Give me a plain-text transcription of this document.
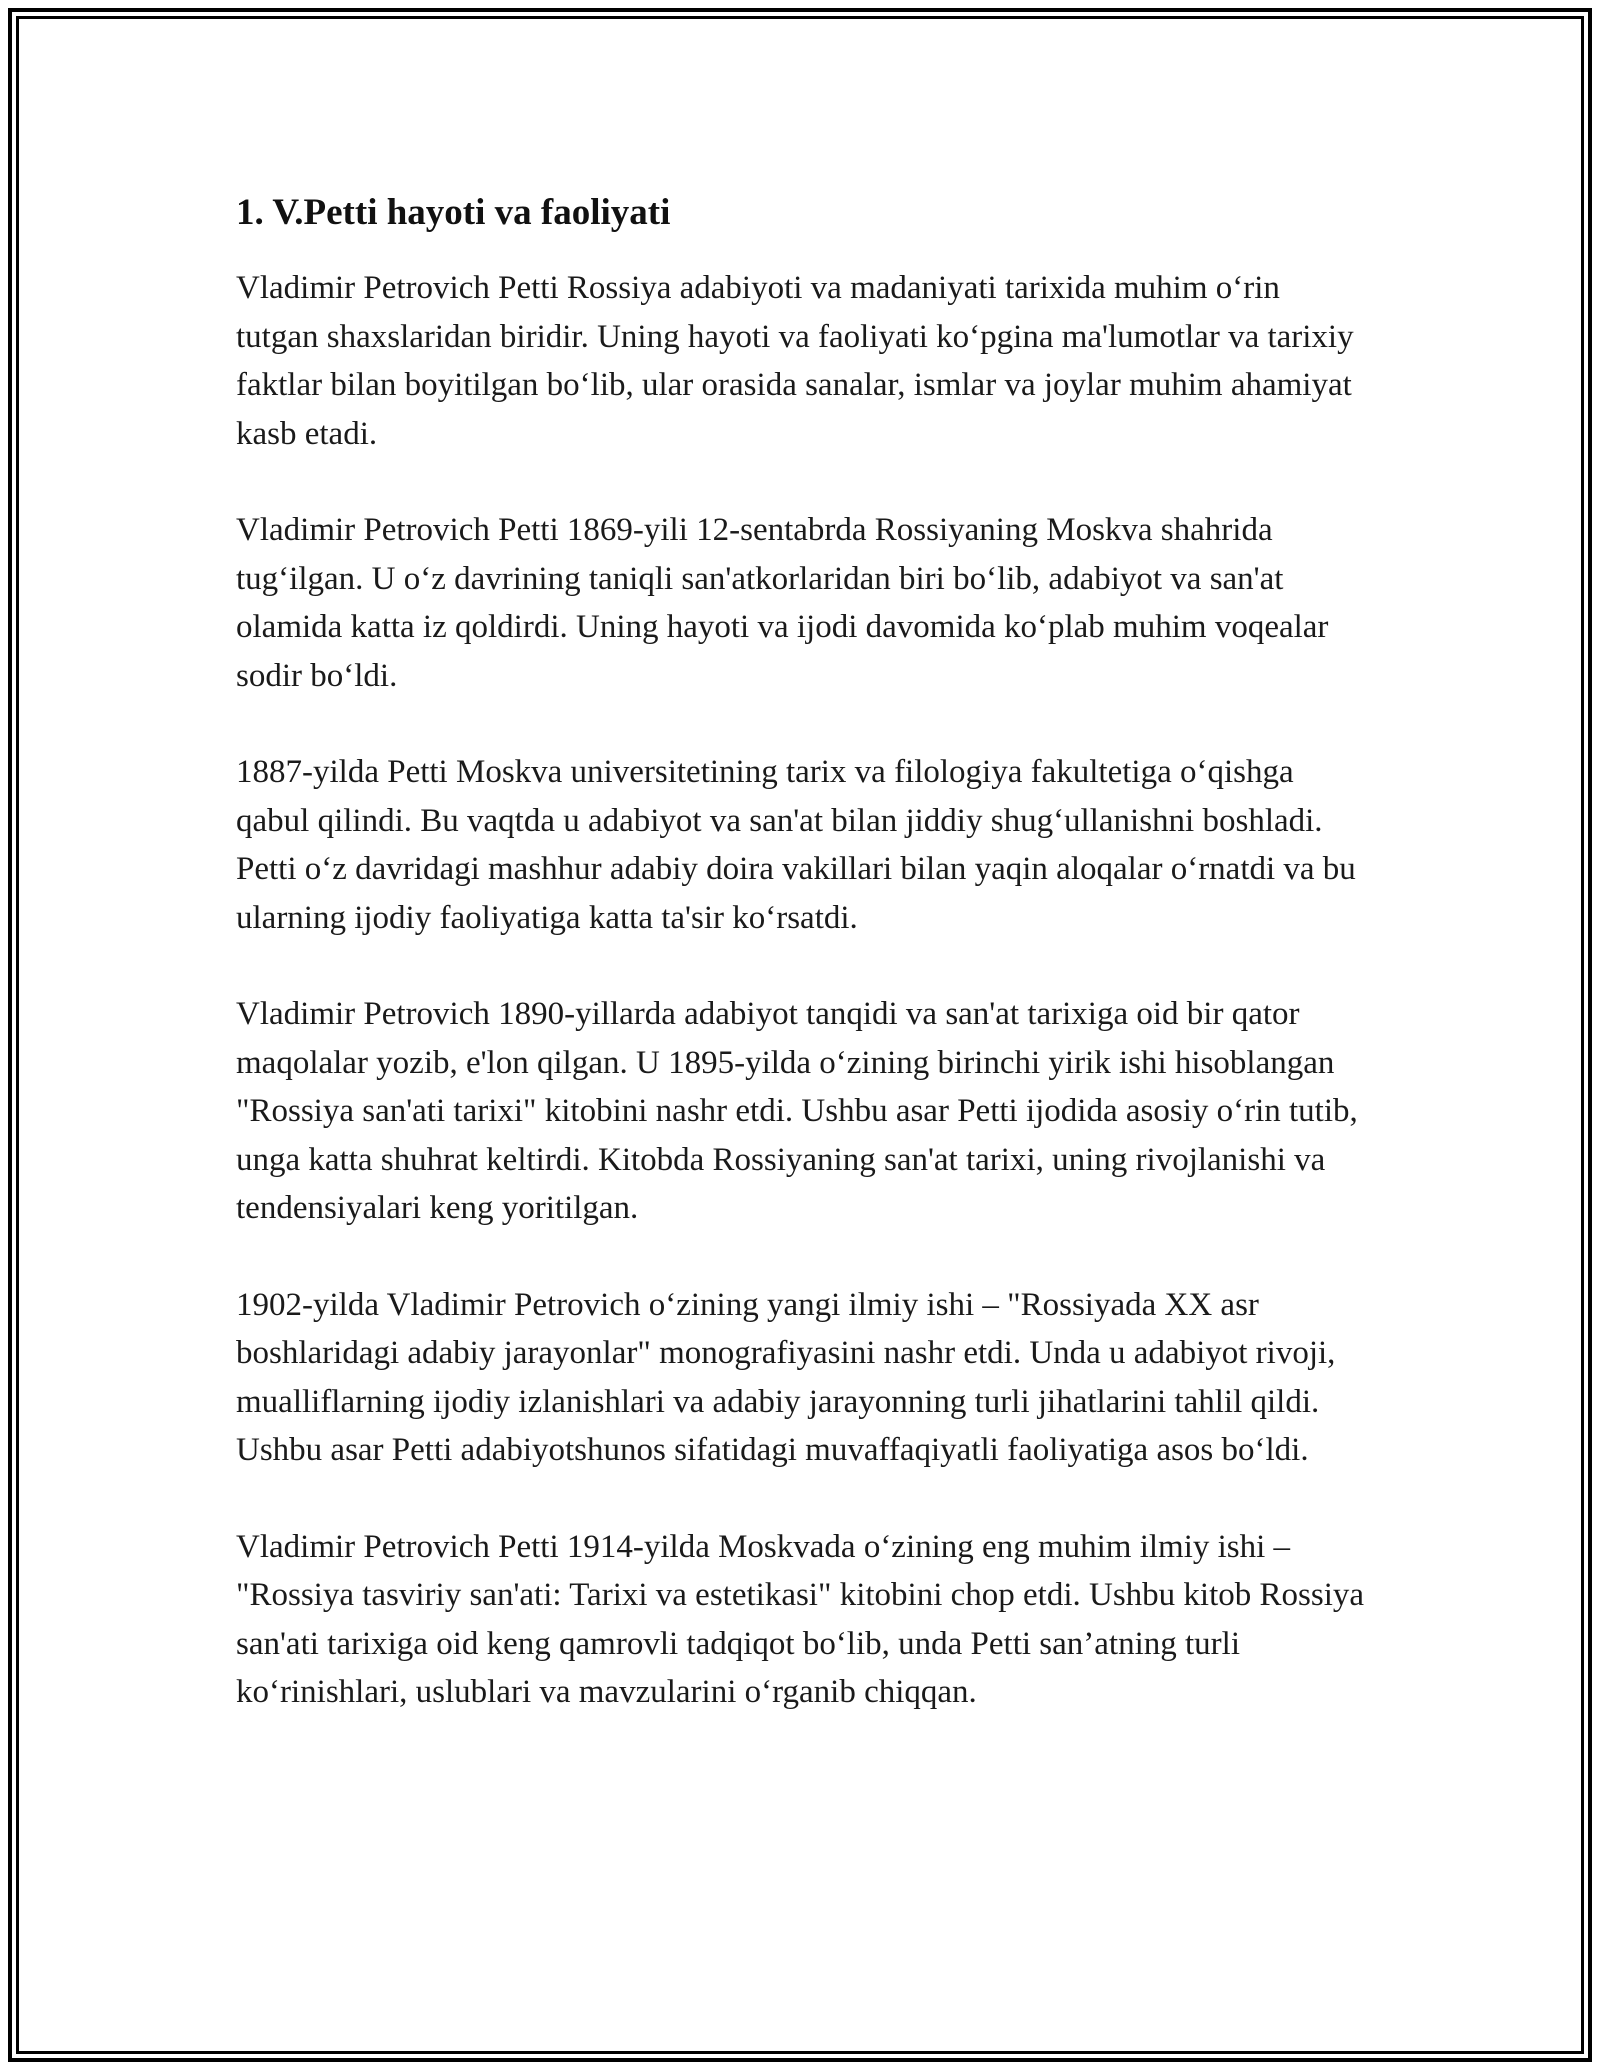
1. V.Petti hayoti va faoliyati

Vladimir Petrovich Petti Rossiya adabiyoti va madaniyati tarixida muhim o‘rin tutgan shaxslaridan biridir. Uning hayoti va faoliyati ko‘pgina ma'lumotlar va tarixiy faktlar bilan boyitilgan bo‘lib, ular orasida sanalar, ismlar va joylar muhim ahamiyat kasb etadi.

Vladimir Petrovich Petti 1869-yili 12-sentabrda Rossiyaning Moskva shahrida tug‘ilgan. U o‘z davrining taniqli san'atkorlaridan biri bo‘lib, adabiyot va san'at olamida katta iz qoldirdi. Uning hayoti va ijodi davomida ko‘plab muhim voqealar sodir bo‘ldi.

1887-yilda Petti Moskva universitetining tarix va filologiya fakultetiga o‘qishga qabul qilindi. Bu vaqtda u adabiyot va san'at bilan jiddiy shug‘ullanishni boshladi. Petti o‘z davridagi mashhur adabiy doira vakillari bilan yaqin aloqalar o‘rnatdi va bu ularning ijodiy faoliyatiga katta ta'sir ko‘rsatdi.

Vladimir Petrovich 1890-yillarda adabiyot tanqidi va san'at tarixiga oid bir qator maqolalar yozib, e'lon qilgan. U 1895-yilda o‘zining birinchi yirik ishi hisoblangan "Rossiya san'ati tarixi" kitobini nashr etdi. Ushbu asar Petti ijodida asosiy o‘rin tutib, unga katta shuhrat keltirdi. Kitobda Rossiyaning san'at tarixi, uning rivojlanishi va tendensiyalari keng yoritilgan.

1902-yilda Vladimir Petrovich o‘zining yangi ilmiy ishi – "Rossiyada XX asr boshlaridagi adabiy jarayonlar" monografiyasini nashr etdi. Unda u adabiyot rivoji, mualliflarning ijodiy izlanishlari va adabiy jarayonning turli jihatlarini tahlil qildi. Ushbu asar Petti adabiyotshunos sifatidagi muvaffaqiyatli faoliyatiga asos bo‘ldi.

Vladimir Petrovich Petti 1914-yilda Moskvada o‘zining eng muhim ilmiy ishi – "Rossiya tasviriy san'ati: Tarixi va estetikasi" kitobini chop etdi. Ushbu kitob Rossiya san'ati tarixiga oid keng qamrovli tadqiqot bo‘lib, unda Petti san’atning turli ko‘rinishlari, uslublari va mavzularini o‘rganib chiqqan.
